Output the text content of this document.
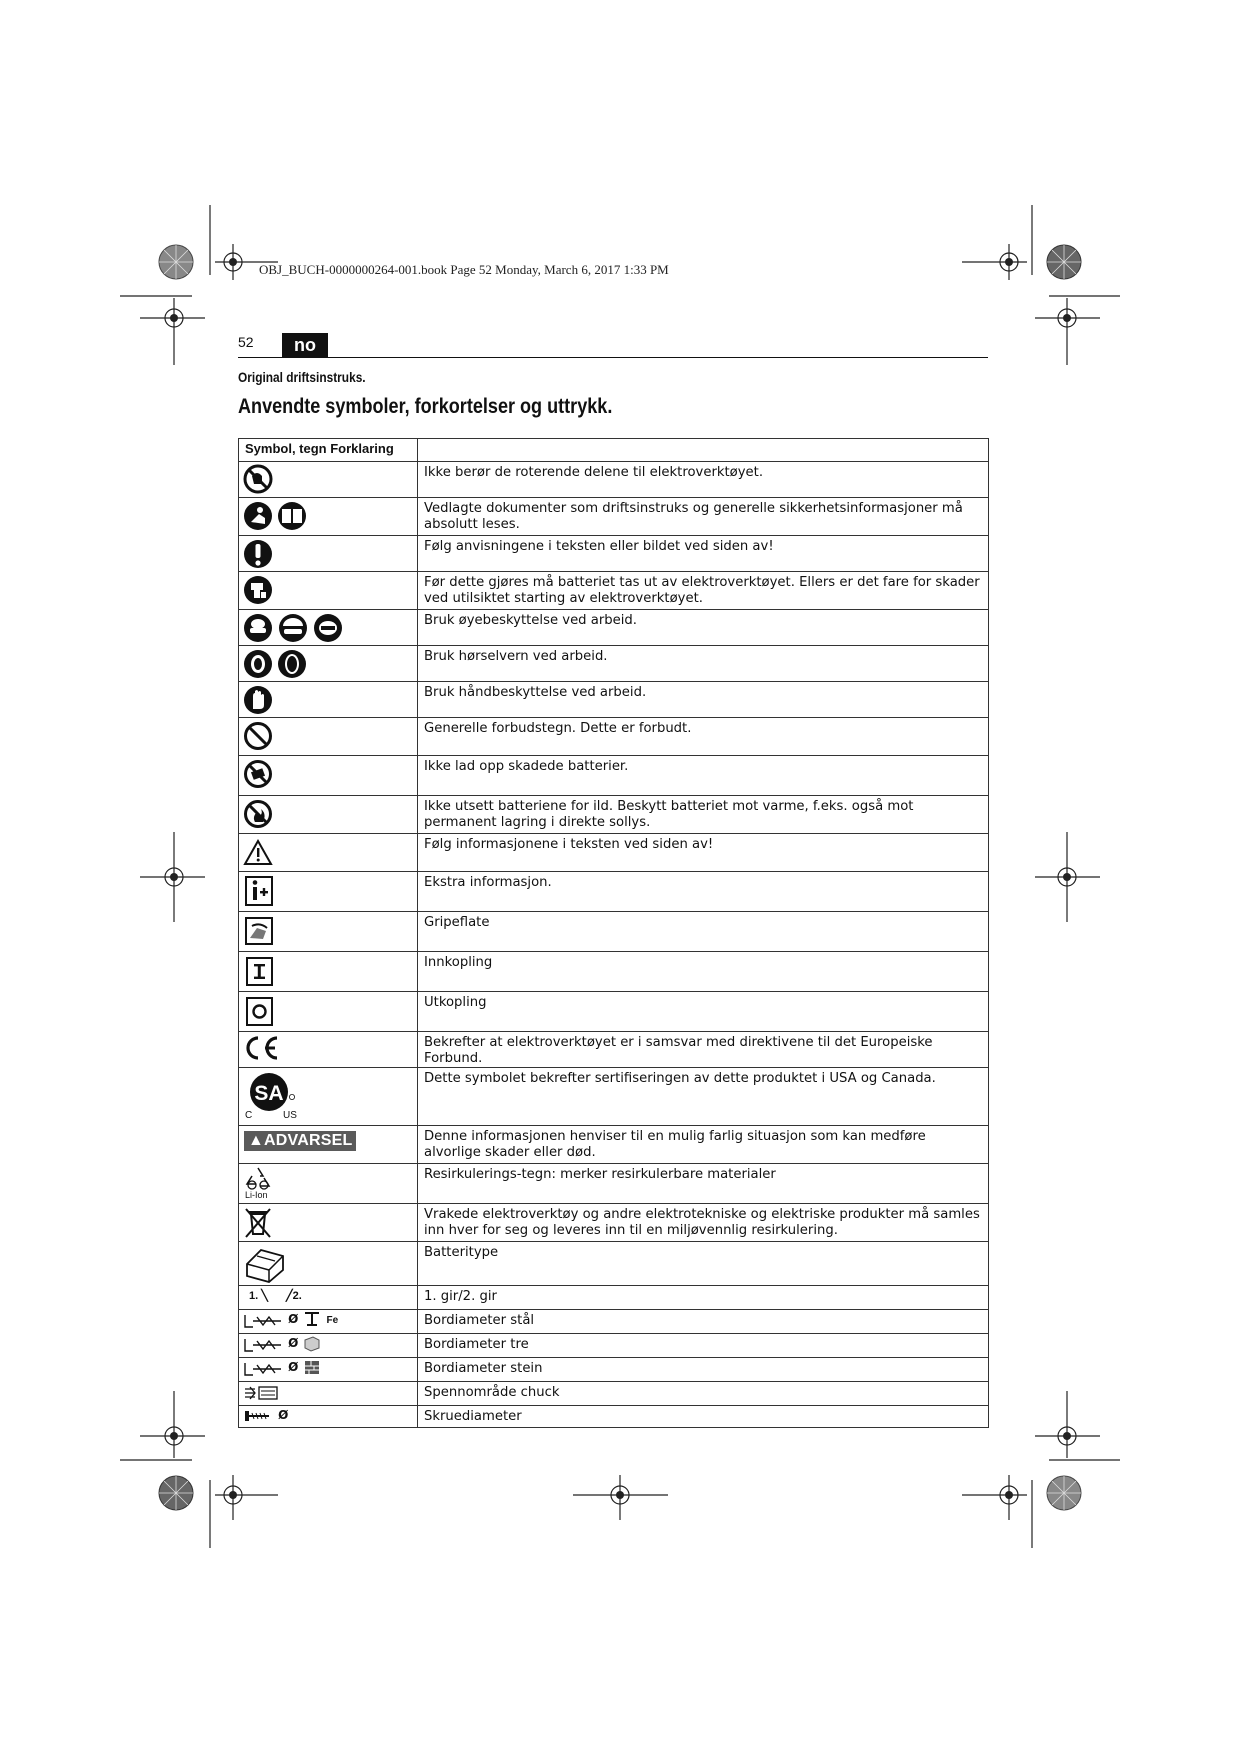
OBJ_BUCH-0000000264-001.book Page 52 Monday, March 6, 2017 1:33 PM
52	no
Original driftsinstruks.
Anvendte symboler, forkortelser og uttrykk.
Symbol, tegn Forklaring	
	Ikke berør de roterende delene til elektroverktøyet.
	Vedlagte dokumenter som driftsinstruks og generelle sikkerhetsinformasjoner må absolutt leses.
	Følg anvisningene i teksten eller bildet ved siden av!
	Før dette gjøres må batteriet tas ut av elektroverktøyet. Ellers er det fare for skader ved utilsiktet starting av elektroverktøyet.
	Bruk øyebeskyttelse ved arbeid.
	Bruk hørselvern ved arbeid.
	Bruk håndbeskyttelse ved arbeid.
	Generelle forbudstegn. Dette er forbudt.
	Ikke lad opp skadede batterier.
	Ikke utsett batteriene for ild. Beskytt batteriet mot varme, f.eks. også mot permanent lagring i direkte sollys.
	Følg informasjonene i teksten ved siden av!
	Ekstra informasjon.
	Gripeflate
	Innkopling
	Utkopling
	Bekrefter at elektroverktøyet er i samsvar med direktivene til det Europeiske Forbund.

SA
C US	Dette symbolet bekrefter sertifiseringen av dette produktet i USA og Canada.
▲ADVARSEL	Denne informasjonen henviser til en mulig farlig situasjon som kan medføre alvorlige skader eller død.

Li-Ion	Resirkulerings-tegn: merker resirkulerbare materialer
	Vrakede elektroverktøy og andre elektrotekniske og elektriske produkter må samles inn hver for seg og leveres inn til en miljøvennlig resirkulering.
	Batteritype
1. ╲ ╱2.	1. gir/2. gir
Ø Fe	Bordiameter stål
Ø	Bordiameter tre
Ø	Bordiameter stein
	Spennområde chuck
Ø	Skruediameter
